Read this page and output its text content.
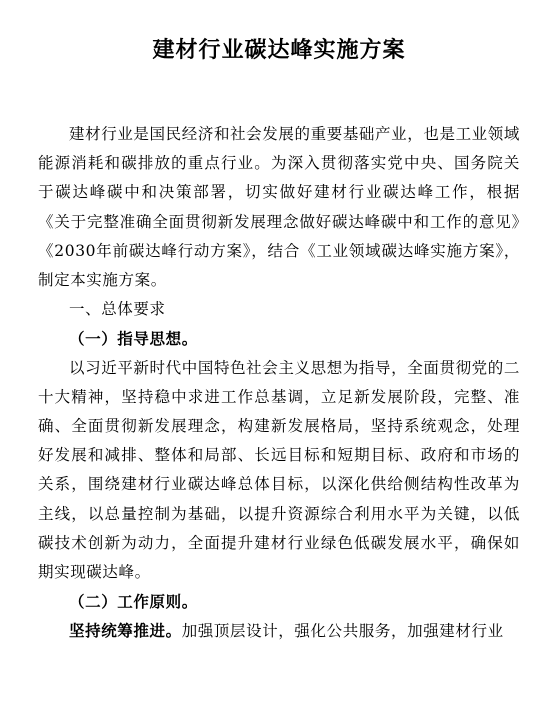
建材行业碳达峰实施方案

建材行业是国民经济和社会发展的重要基础产业，也是工业领域能源消耗和碳排放的重点行业。为深入贯彻落实党中央、国务院关于碳达峰碳中和决策部署，切实做好建材行业碳达峰工作，根据《关于完整准确全面贯彻新发展理念做好碳达峰碳中和工作的意见》《2030年前碳达峰行动方案》，结合《工业领域碳达峰实施方案》，制定本实施方案。

一、总体要求

（一）指导思想。

以习近平新时代中国特色社会主义思想为指导，全面贯彻党的二十大精神，坚持稳中求进工作总基调，立足新发展阶段，完整、准确、全面贯彻新发展理念，构建新发展格局，坚持系统观念，处理好发展和减排、整体和局部、长远目标和短期目标、政府和市场的关系，围绕建材行业碳达峰总体目标，以深化供给侧结构性改革为主线，以总量控制为基础，以提升资源综合利用水平为关键，以低碳技术创新为动力，全面提升建材行业绿色低碳发展水平，确保如期实现碳达峰。

（二）工作原则。

坚持统筹推进。加强顶层设计，强化公共服务，加强建材行业
